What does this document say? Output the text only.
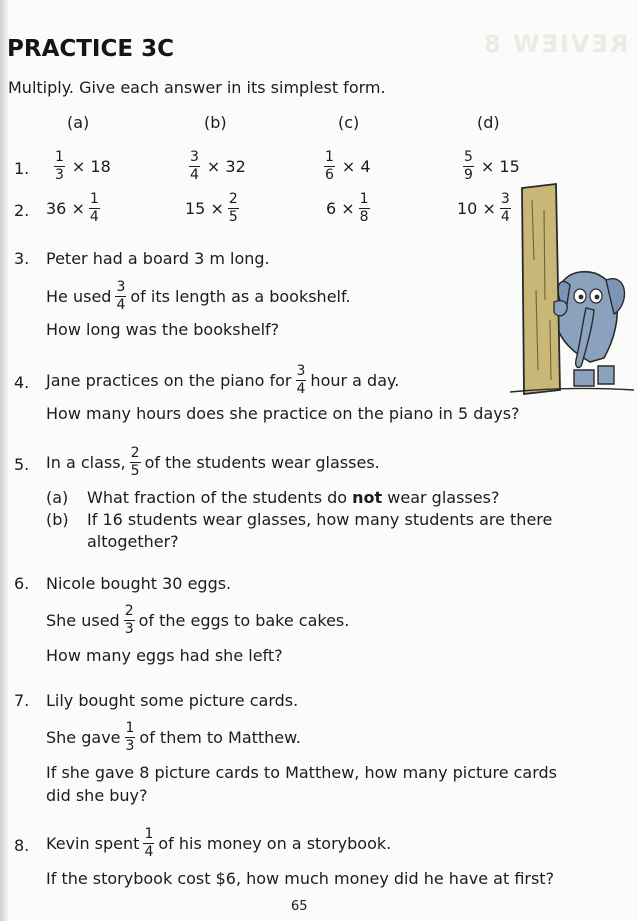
REVIEW 8
PRACTICE 3C
Multiply. Give each answer in its simplest form.
(a)	(b)	(c)	(d)
1. $\frac{1}{3} \times 18$	$\frac{3}{4} \times 32$	$\frac{1}{6} \times 4$	$\frac{5}{9} \times 15$
2. $36 \times \frac{1}{4}$	$15 \times \frac{2}{5}$	$6 \times \frac{1}{8}$	$10 \times \frac{3}{4}$
3. Peter had a board 3 m long.
He used $\frac{3}{4}$ of its length as a bookshelf.
How long was the bookshelf?
4. Jane practices on the piano for $\frac{3}{4}$ hour a day.
How many hours does she practice on the piano in 5 days?
5. In a class, $\frac{2}{5}$ of the students wear glasses.
(a) What fraction of the students do
not
wear glasses?
(b) If 16 students wear glasses, how many students are there
altogether?
6. Nicole bought 30 eggs.
She used $\frac{2}{3}$ of the eggs to bake cakes.
How many eggs had she left?
7. Lily bought some picture cards.
She gave $\frac{1}{3}$ of them to Matthew.
If she gave 8 picture cards to Matthew, how many picture cards
did she buy?
8. Kevin spent $\frac{1}{4}$ of his money on a storybook.
If the storybook cost $6, how much money did he have at first?
65
